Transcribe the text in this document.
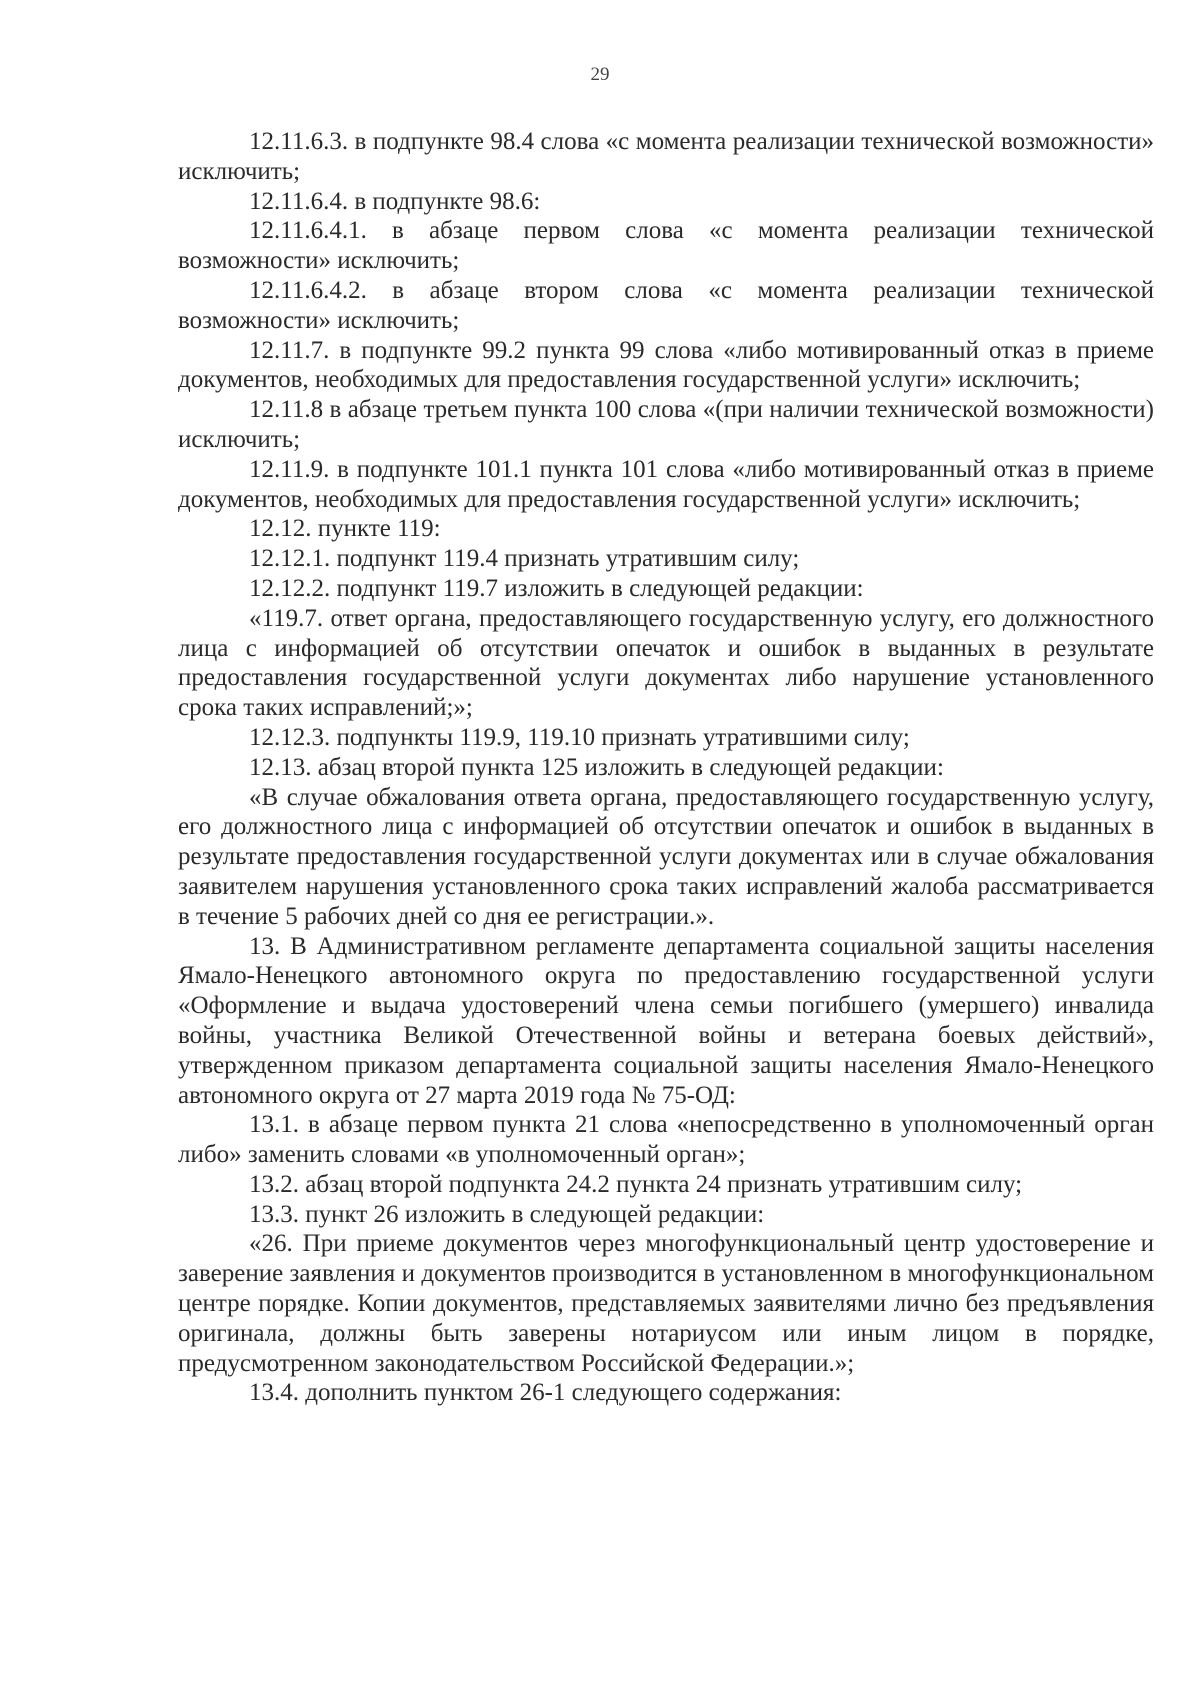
29

12.11.6.3. в подпункте 98.4 слова «с момента реализации технической возможности» исключить;

12.11.6.4. в подпункте 98.6:

12.11.6.4.1. в абзаце первом слова «с момента реализации технической возможности» исключить;

12.11.6.4.2. в абзаце втором слова «с момента реализации технической возможности» исключить;

12.11.7. в подпункте 99.2 пункта 99 слова «либо мотивированный отказ в приеме документов, необходимых для предоставления государственной услуги» исключить;

12.11.8 в абзаце третьем пункта 100 слова «(при наличии технической возможности) исключить;

12.11.9. в подпункте 101.1 пункта 101 слова «либо мотивированный отказ в приеме документов, необходимых для предоставления государственной услуги» исключить;

12.12. пункте 119:

12.12.1. подпункт 119.4 признать утратившим силу;

12.12.2. подпункт 119.7 изложить в следующей редакции:

«119.7. ответ органа, предоставляющего государственную услугу, его должностного лица с информацией об отсутствии опечаток и ошибок в выданных в результате предоставления государственной услуги документах либо нарушение установленного срока таких исправлений;»;

12.12.3. подпункты 119.9, 119.10 признать утратившими силу;

12.13. абзац второй пункта 125 изложить в следующей редакции:

«В случае обжалования ответа органа, предоставляющего государственную услугу, его должностного лица с информацией об отсутствии опечаток и ошибок в выданных в результате предоставления государственной услуги документах или в случае обжалования заявителем нарушения установленного срока таких исправлений жалоба рассматривается в течение 5 рабочих дней со дня ее регистрации.».

13. В Административном регламенте департамента социальной защиты населения Ямало-Ненецкого автономного округа по предоставлению государственной услуги «Оформление и выдача удостоверений члена семьи погибшего (умершего) инвалида войны, участника Великой Отечественной войны и ветерана боевых действий», утвержденном приказом департамента социальной защиты населения Ямало-Ненецкого автономного округа от 27 марта 2019 года № 75-ОД:

13.1. в абзаце первом пункта 21 слова «непосредственно в уполномоченный орган либо» заменить словами «в уполномоченный орган»;

13.2. абзац второй подпункта 24.2 пункта 24 признать утратившим силу;

13.3. пункт 26 изложить в следующей редакции:

«26. При приеме документов через многофункциональный центр удостоверение и заверение заявления и документов производится в установленном в многофункциональном центре порядке. Копии документов, представляемых заявителями лично без предъявления оригинала, должны быть заверены нотариусом или иным лицом в порядке, предусмотренном законодательством Российской Федерации.»;

13.4. дополнить пунктом 26-1 следующего содержания:
